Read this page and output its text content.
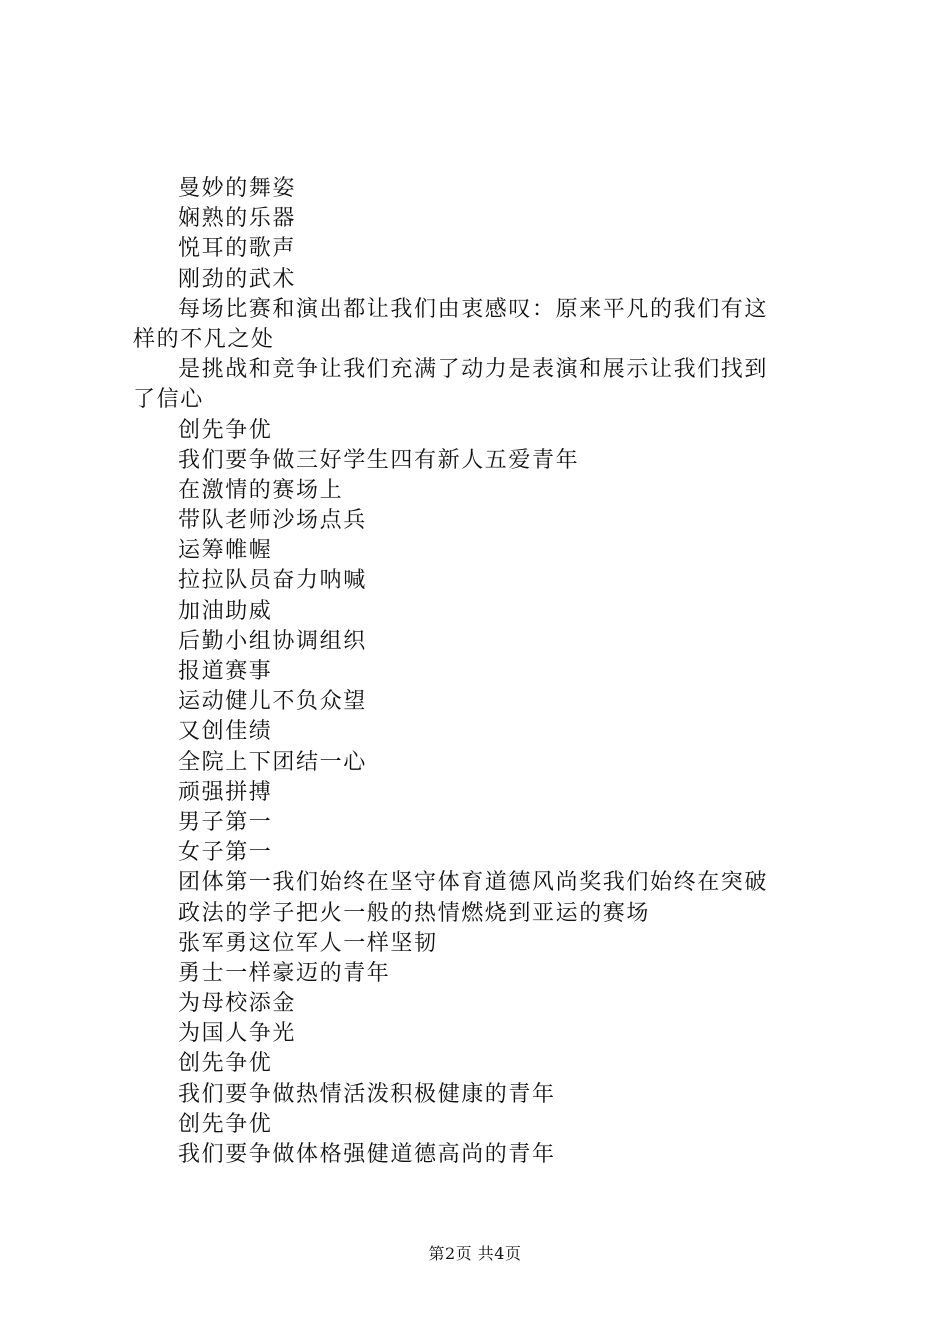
曼妙的舞姿
娴熟的乐器
悦耳的歌声
刚劲的武术
每场比赛和演出都让我们由衷感叹：原来平凡的我们有这
样的不凡之处
是挑战和竞争让我们充满了动力是表演和展示让我们找到
了信心
创先争优
我们要争做三好学生四有新人五爱青年
在激情的赛场上
带队老师沙场点兵
运筹帷幄
拉拉队员奋力呐喊
加油助威
后勤小组协调组织
报道赛事
运动健儿不负众望
又创佳绩
全院上下团结一心
顽强拼搏
男子第一
女子第一
团体第一我们始终在坚守体育道德风尚奖我们始终在突破
政法的学子把火一般的热情燃烧到亚运的赛场
张军勇这位军人一样坚韧
勇士一样豪迈的青年
为母校添金
为国人争光
创先争优
我们要争做热情活泼积极健康的青年
创先争优
我们要争做体格强健道德高尚的青年
第2页 共4页
